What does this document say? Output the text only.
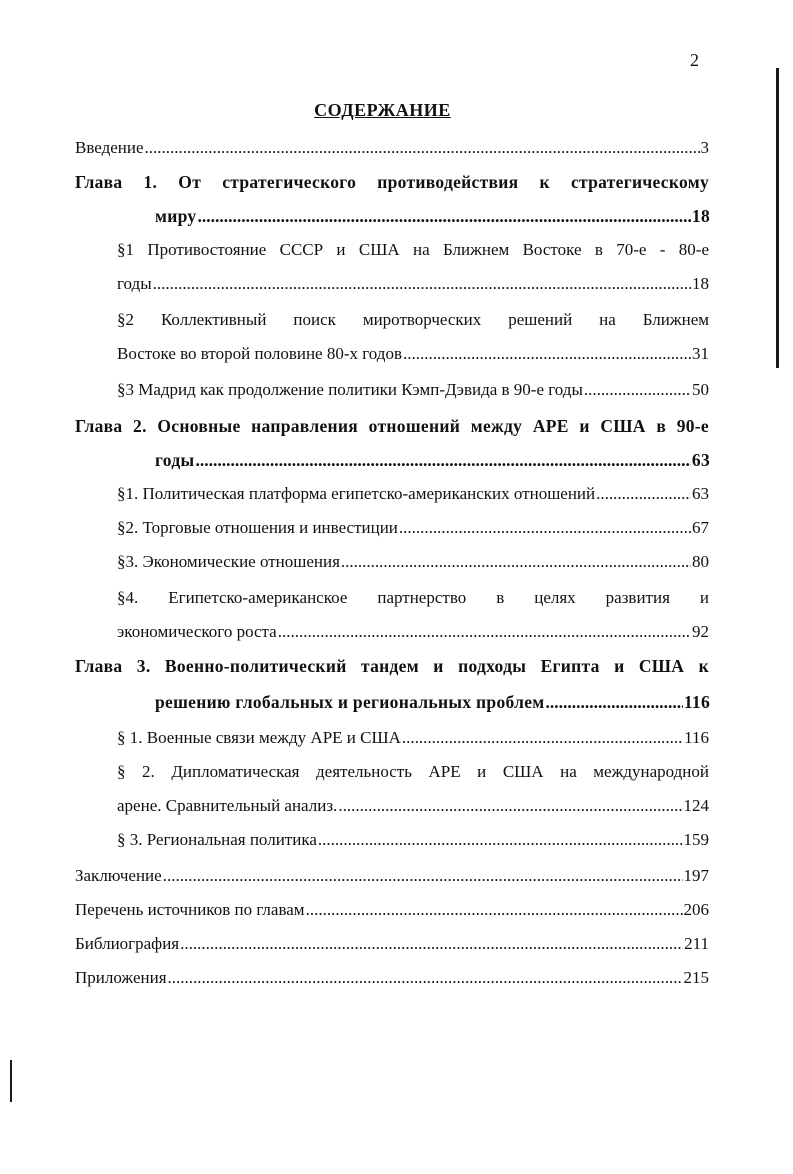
2
СОДЕРЖАНИЕ
Введение .....	3
Глава 1. От стратегического противодействия к стратегическому
миру .....	18
§1 Противостояние СССР и США на Ближнем Востоке в 70-е - 80-е
годы .....	18
§2 Коллективный поиск миротворческих решений на Ближнем
Востоке во второй половине 80-х годов .....	31
§3 Мадрид как продолжение политики Кэмп-Дэвида в 90-е годы .....	50
Глава 2. Основные направления отношений между АРЕ и США в 90-е
годы .....	63
§1. Политическая платформа египетско-американских отношений .....	63
§2. Торговые отношения и инвестиции .....	67
§3. Экономические отношения .....	80
§4. Египетско-американское партнерство в целях развития и
экономического роста .....	92
Глава 3. Военно-политический тандем и подходы Египта и США к
решению глобальных и региональных проблем .....	116
§ 1. Военные связи между АРЕ и США .....	116
§ 2. Дипломатическая деятельность АРЕ и США на международной
арене. Сравнительный анализ. .....	124
§ 3. Региональная политика .....	159
Заключение .....	197
Перечень источников по главам .....	206
Библиография .....	211
Приложения .....	215
